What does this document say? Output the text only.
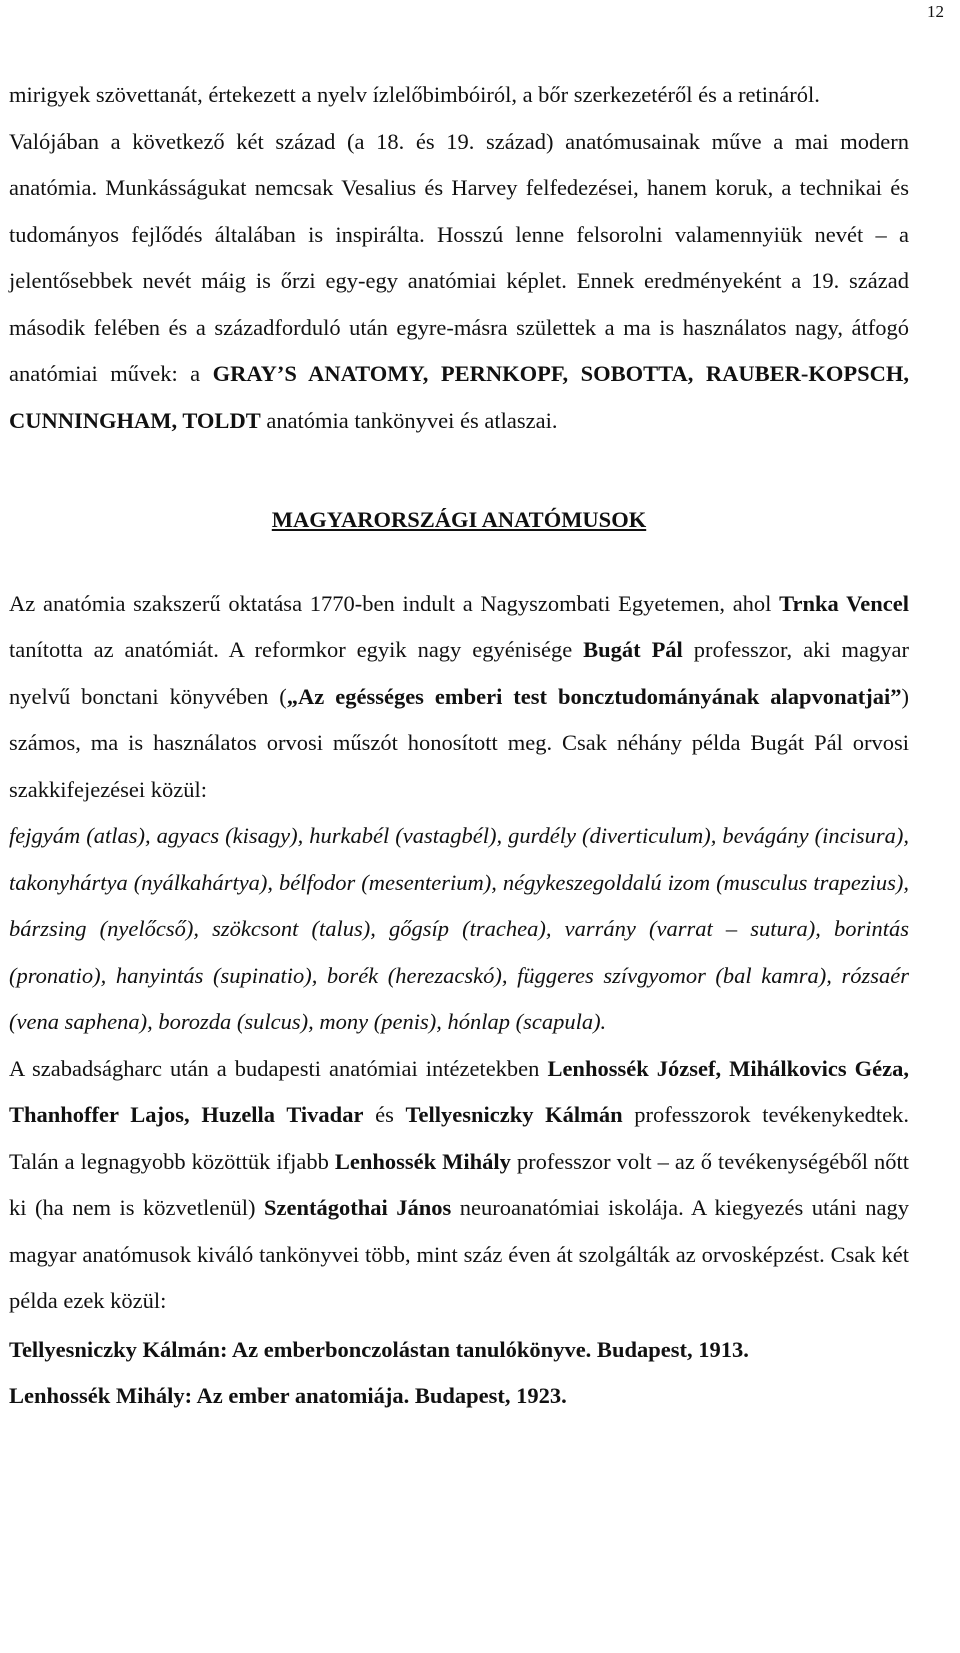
12

mirigyek szövettanát, értekezett a nyelv ízlelőbimbóiról, a bőr szerkezetéről és a retináról.

Valójában a következő két század (a 18. és 19. század) anatómusainak műve a mai modern anatómia. Munkásságukat nemcsak Vesalius és Harvey felfedezései, hanem koruk, a technikai és tudományos fejlődés általában is inspirálta. Hosszú lenne felsorolni valamennyiük nevét – a jelentősebbek nevét máig is őrzi egy-egy anatómiai képlet. Ennek eredményeként a 19. század második felében és a századforduló után egyre-másra születtek a ma is használatos nagy, átfogó anatómiai művek: a GRAY’S ANATOMY, PERNKOPF, SOBOTTA, RAUBER-KOPSCH, CUNNINGHAM, TOLDT anatómia tankönyvei és atlaszai.

MAGYARORSZÁGI ANATÓMUSOK

Az anatómia szakszerű oktatása 1770-ben indult a Nagyszombati Egyetemen, ahol Trnka Vencel tanította az anatómiát. A reformkor egyik nagy egyénisége Bugát Pál professzor, aki magyar nyelvű bonctani könyvében („Az egésséges emberi test boncztudományának alapvonatjai”) számos, ma is használatos orvosi műszót honosított meg. Csak néhány példa Bugát Pál orvosi szakkifejezései közül:

fejgyám (atlas), agyacs (kisagy), hurkabél (vastagbél), gurdély (diverticulum), bevágány (incisura), takonyhártya (nyálkahártya), bélfodor (mesenterium), négykeszegoldalú izom (musculus trapezius), bárzsing (nyelőcső), szökcsont (talus), gőgsíp (trachea), varrány (varrat – sutura), borintás (pronatio), hanyintás (supinatio), borék (herezacskó), függeres szívgyomor (bal kamra), rózsaér (vena saphena), borozda (sulcus), mony (penis), hónlap (scapula).

A szabadságharc után a budapesti anatómiai intézetekben Lenhossék József, Mihálkovics Géza, Thanhoffer Lajos, Huzella Tivadar és Tellyesniczky Kálmán professzorok tevékenykedtek. Talán a legnagyobb közöttük ifjabb Lenhossék Mihály professzor volt – az ő tevékenységéből nőtt ki (ha nem is közvetlenül) Szentágothai János neuroanatómiai iskolája. A kiegyezés utáni nagy magyar anatómusok kiváló tankönyvei több, mint száz éven át szolgálták az orvosképzést. Csak két példa ezek közül:

Tellyesniczky Kálmán: Az emberbonczolástan tanulókönyve. Budapest, 1913.

Lenhossék Mihály: Az ember anatomiája. Budapest, 1923.
